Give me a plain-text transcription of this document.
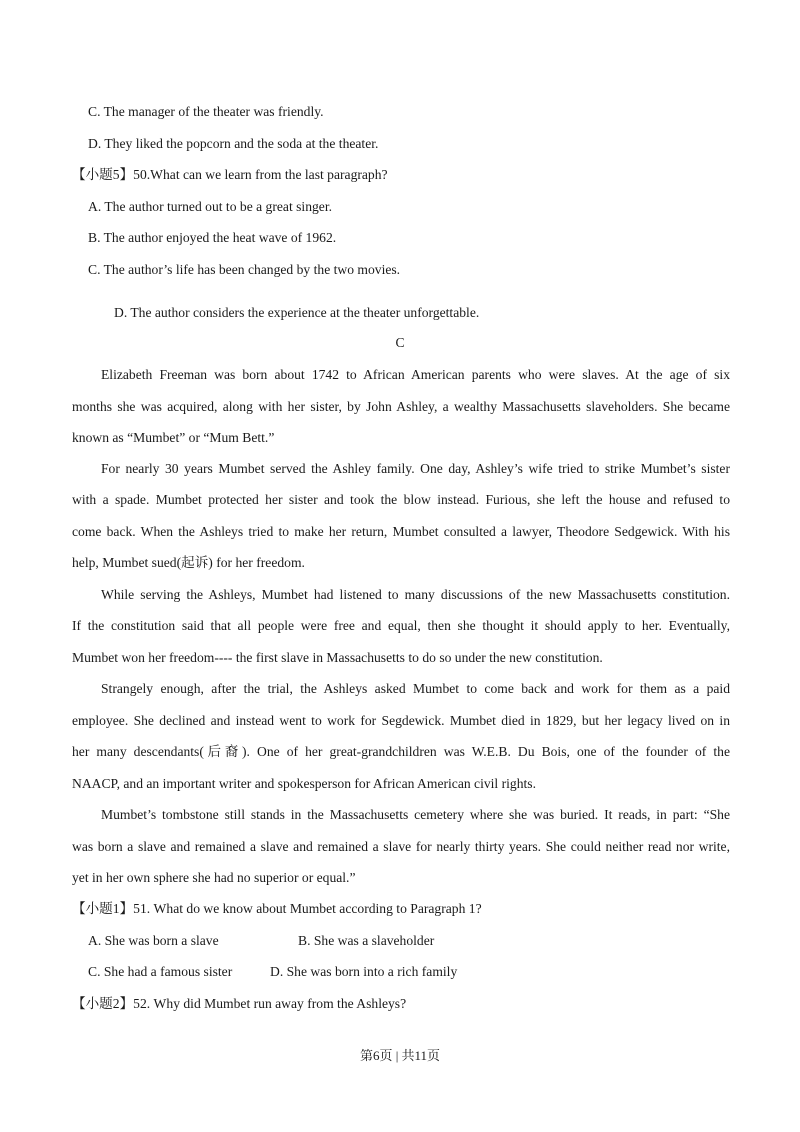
C. The manager of the theater was friendly.
D. They liked the popcorn and the soda at the theater.
【小题5】50.What can we learn from the last paragraph?
A. The author turned out to be a great singer.
B. The author enjoyed the heat wave of 1962.
C. The author’s life has been changed by the two movies.
D. The author considers the experience at the theater unforgettable.
C
Elizabeth Freeman was born about 1742 to African American parents who were slaves. At the age of six
months she was acquired, along with her sister, by John Ashley, a wealthy Massachusetts slaveholders. She became
known as “Mumbet” or “Mum Bett.”
For nearly 30 years Mumbet served the Ashley family. One day, Ashley’s wife tried to strike Mumbet’s sister
with a spade. Mumbet protected her sister and took the blow instead. Furious, she left the house and refused to
come back. When the Ashleys tried to make her return, Mumbet consulted a lawyer, Theodore Sedgewick. With his
help, Mumbet sued(起诉) for her freedom.
While serving the Ashleys, Mumbet had listened to many discussions of the new Massachusetts constitution.
If the constitution said that all people were free and equal, then she thought it should apply to her. Eventually,
Mumbet won her freedom---- the first slave in Massachusetts to do so under the new constitution.
Strangely enough, after the trial, the Ashleys asked Mumbet to come back and work for them as a paid
employee. She declined and instead went to work for Segdewick. Mumbet died in 1829, but her legacy lived on in
her many descendants(后裔). One of her great-grandchildren was W.E.B. Du Bois, one of the founder of the
NAACP, and an important writer and spokesperson for African American civil rights.
Mumbet’s tombstone still stands in the Massachusetts cemetery where she was buried. It reads, in part: “She
was born a slave and remained a slave and remained a slave for nearly thirty years. She could neither read nor write,
yet in her own sphere she had no superior or equal.”
【小题1】51. What do we know about Mumbet according to Paragraph 1?
A. She was born a slave	B. She was a slaveholder
C. She had a famous sister	D. She was born into a rich family
【小题2】52. Why did Mumbet run away from the Ashleys?
第6页 | 共11页
